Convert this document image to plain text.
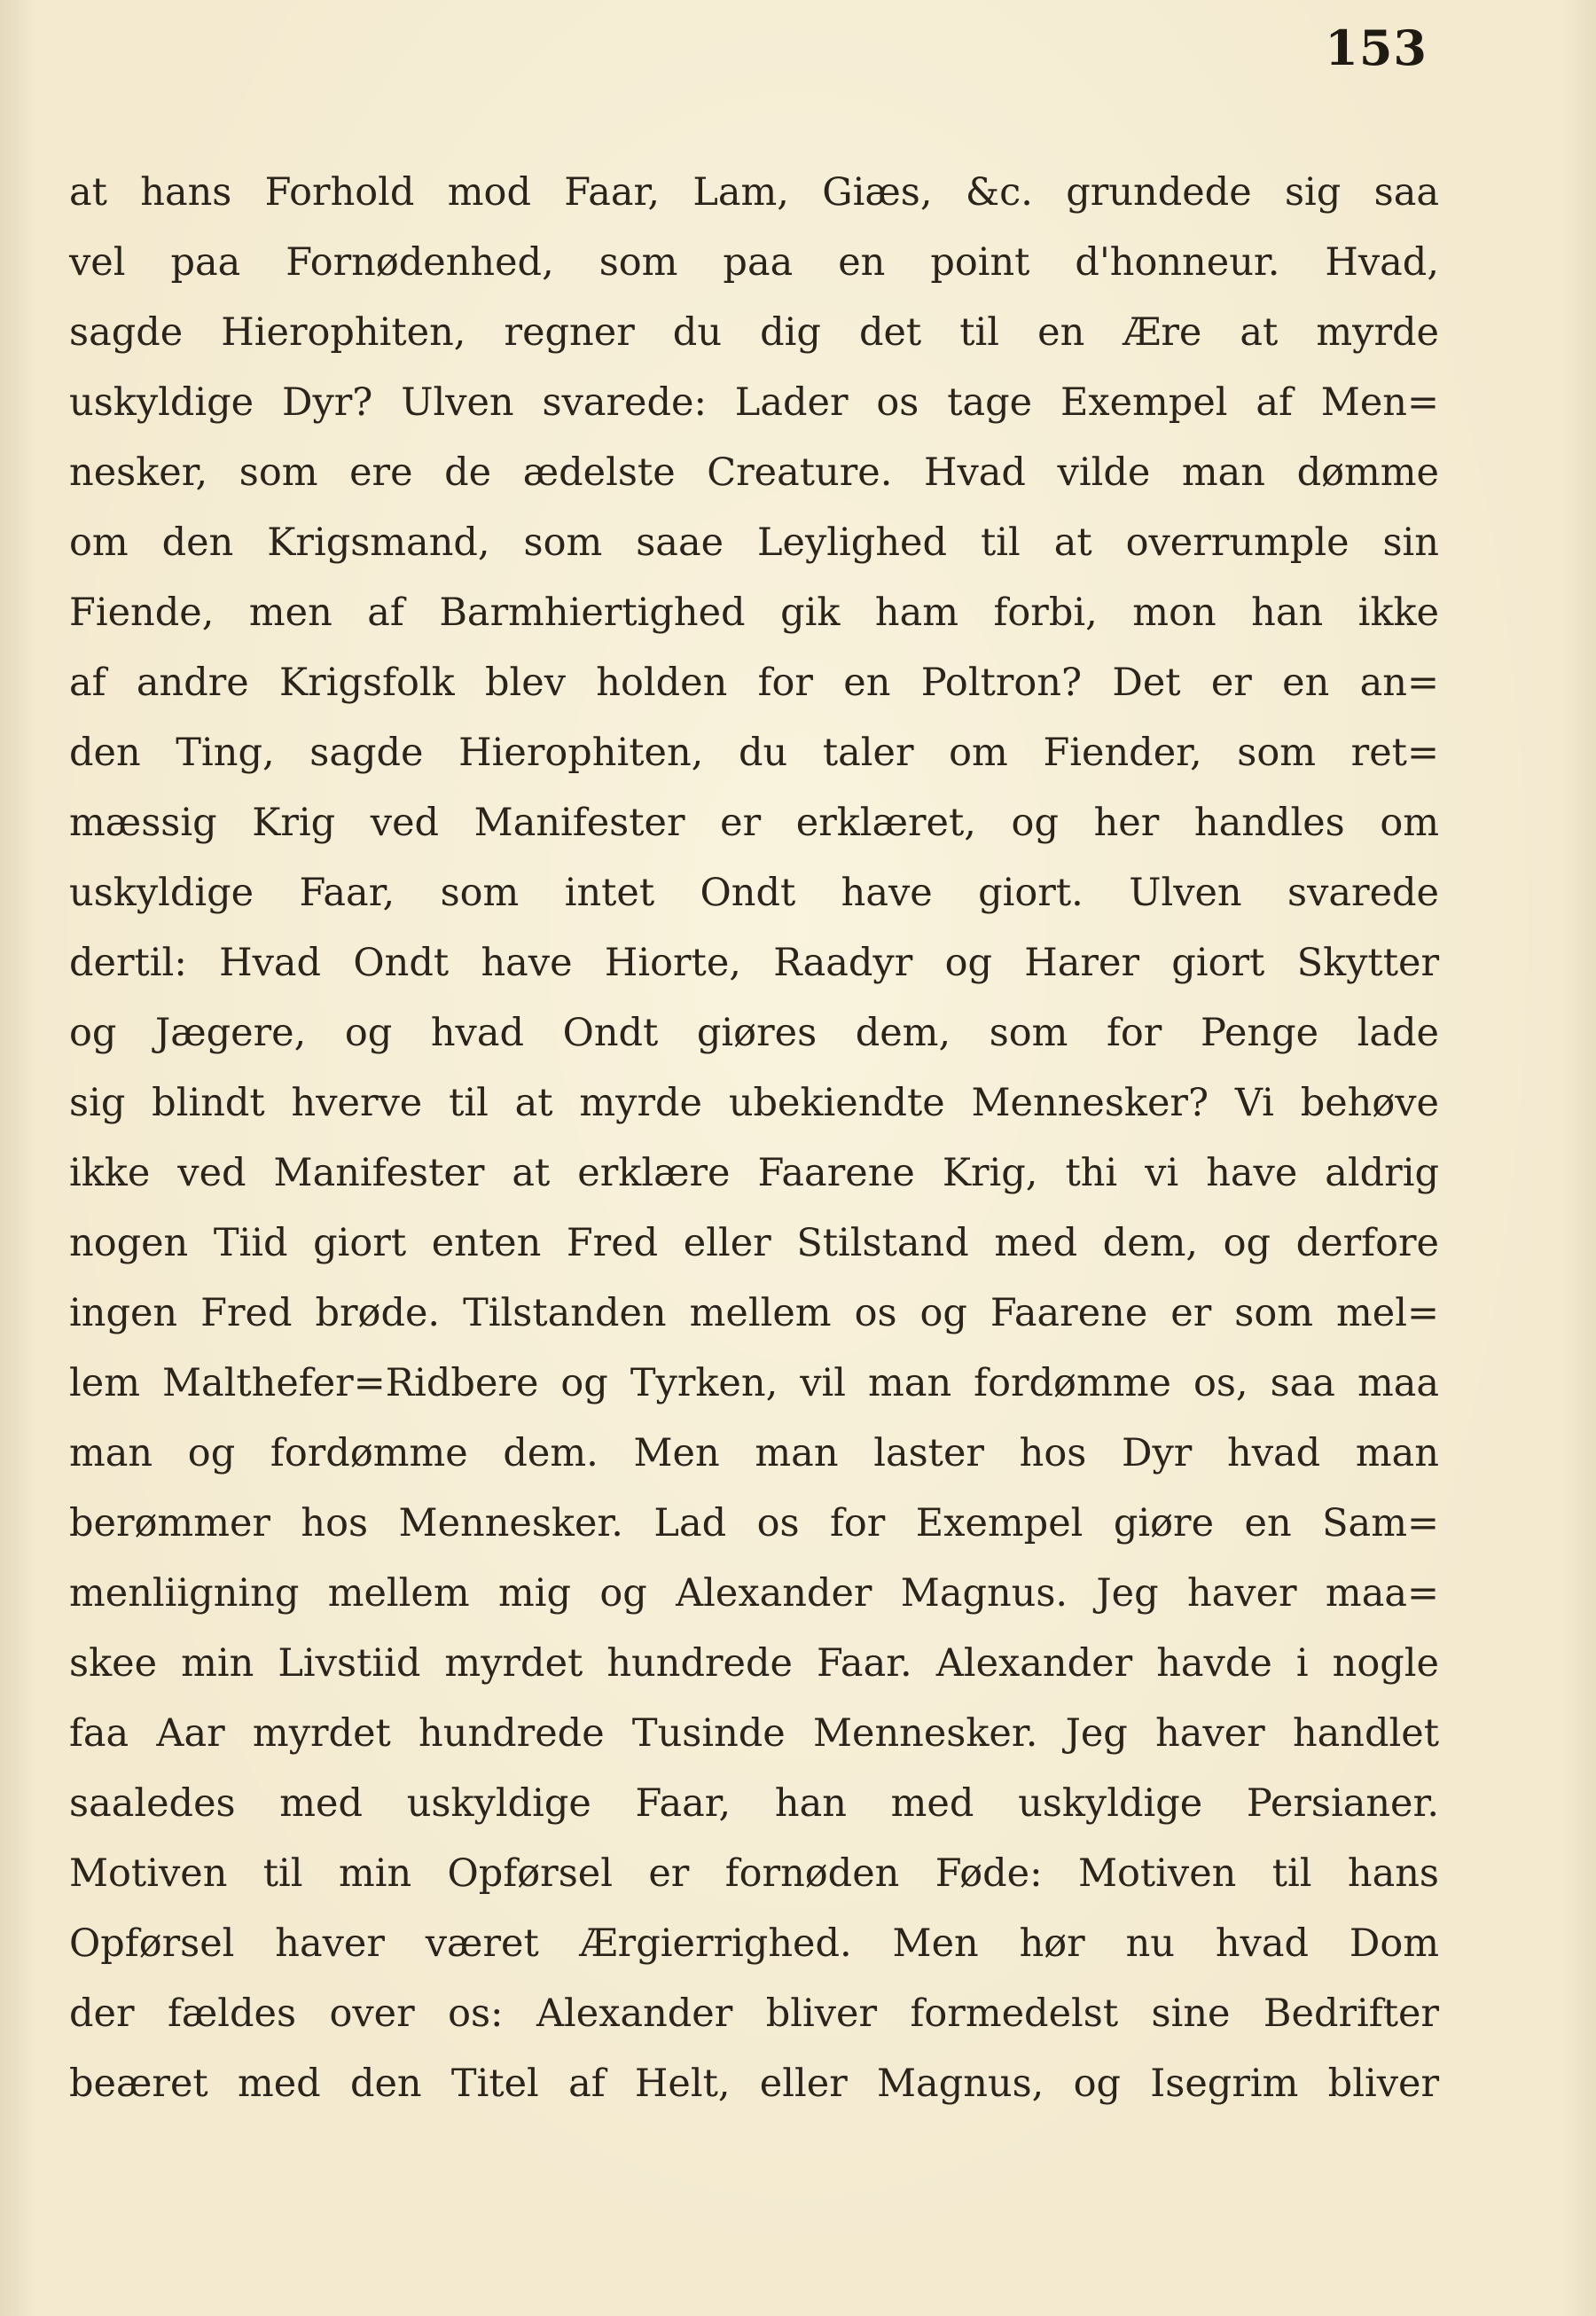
153
at hans Forhold mod Faar, Lam, Giæs, &c. grundede sig saa
vel paa Fornødenhed, som paa en point d'honneur. Hvad,
sagde Hierophiten, regner du dig det til en Ære at myrde
uskyldige Dyr? Ulven svarede: Lader os tage Exempel af Men=
nesker, som ere de ædelste Creature. Hvad vilde man dømme
om den Krigsmand, som saae Leylighed til at overrumple sin
Fiende, men af Barmhiertighed gik ham forbi, mon han ikke
af andre Krigsfolk blev holden for en Poltron? Det er en an=
den Ting, sagde Hierophiten, du taler om Fiender, som ret=
mæssig Krig ved Manifester er erklæret, og her handles om
uskyldige Faar, som intet Ondt have giort. Ulven svarede
dertil: Hvad Ondt have Hiorte, Raadyr og Harer giort Skytter
og Jægere, og hvad Ondt giøres dem, som for Penge lade
sig blindt hverve til at myrde ubekiendte Mennesker? Vi behøve
ikke ved Manifester at erklære Faarene Krig, thi vi have aldrig
nogen Tiid giort enten Fred eller Stilstand med dem, og derfore
ingen Fred brøde. Tilstanden mellem os og Faarene er som mel=
lem Malthefer=Ridbere og Tyrken, vil man fordømme os, saa maa
man og fordømme dem. Men man laster hos Dyr hvad man
berømmer hos Mennesker. Lad os for Exempel giøre en Sam=
menliigning mellem mig og Alexander Magnus. Jeg haver maa=
skee min Livstiid myrdet hundrede Faar. Alexander havde i nogle
faa Aar myrdet hundrede Tusinde Mennesker. Jeg haver handlet
saaledes med uskyldige Faar, han med uskyldige Persianer.
Motiven til min Opførsel er fornøden Føde: Motiven til hans
Opførsel haver været Ærgierrighed. Men hør nu hvad Dom
der fældes over os: Alexander bliver formedelst sine Bedrifter
beæret med den Titel af Helt, eller Magnus, og Isegrim bliver
